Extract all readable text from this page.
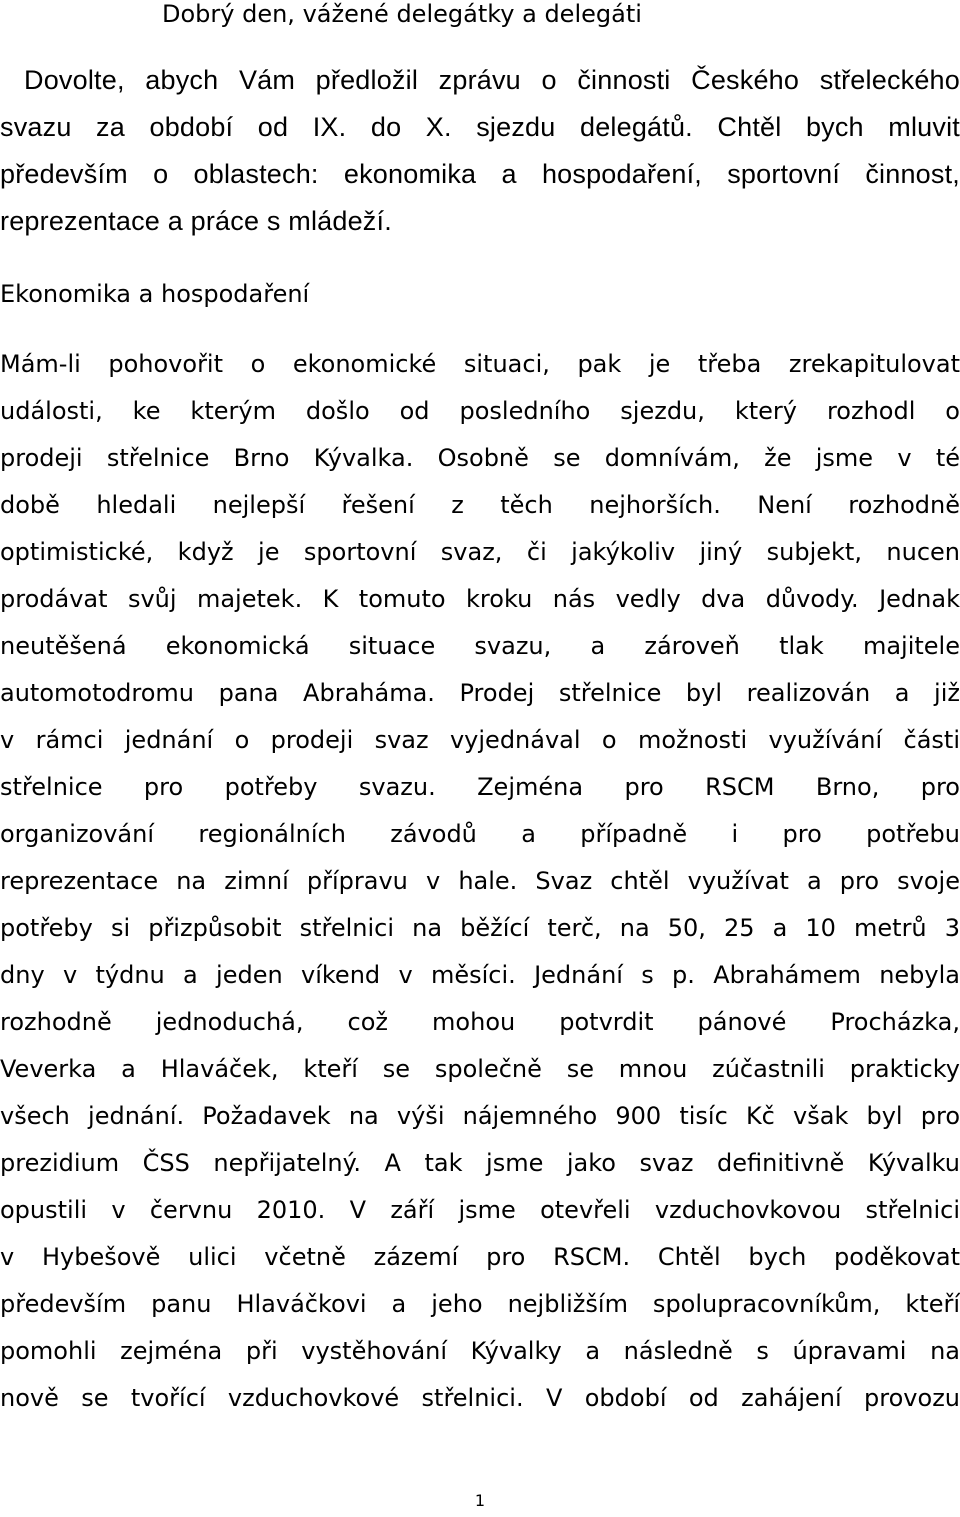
Dobrý den, vážené delegátky a delegáti
Dovolte, abych Vám předložil zprávu o činnosti Českého střeleckého
svazu za období od IX. do X. sjezdu delegátů. Chtěl bych mluvit
především o oblastech: ekonomika a hospodaření, sportovní činnost,
reprezentace a práce s mládeží.
Ekonomika a hospodaření
Mám-li pohovořit o ekonomické situaci, pak je třeba zrekapitulovat
události, ke kterým došlo od posledního sjezdu, který rozhodl o
prodeji střelnice Brno Kývalka. Osobně se domnívám, že jsme v té
době hledali nejlepší řešení z těch nejhorších. Není rozhodně
optimistické, když je sportovní svaz, či jakýkoliv jiný subjekt, nucen
prodávat svůj majetek. K tomuto kroku nás vedly dva důvody. Jednak
neutěšená ekonomická situace svazu, a zároveň tlak majitele
automotodromu pana Abraháma. Prodej střelnice byl realizován a již
v rámci jednání o prodeji svaz vyjednával o možnosti využívání části
střelnice pro potřeby svazu. Zejména pro RSCM Brno, pro
organizování regionálních závodů a případně i pro potřebu
reprezentace na zimní přípravu v hale. Svaz chtěl využívat a pro svoje
potřeby si přizpůsobit střelnici na běžící terč, na 50, 25 a 10 metrů 3
dny v týdnu a jeden víkend v měsíci. Jednání s p. Abrahámem nebyla
rozhodně jednoduchá, což mohou potvrdit pánové Procházka,
Veverka a Hlaváček, kteří se společně se mnou zúčastnili prakticky
všech jednání. Požadavek na výši nájemného 900 tisíc Kč však byl pro
prezidium ČSS nepřijatelný. A tak jsme jako svaz definitivně Kývalku
opustili v červnu 2010. V září jsme otevřeli vzduchovkovou střelnici
v Hybešově ulici včetně zázemí pro RSCM. Chtěl bych poděkovat
především panu Hlaváčkovi a jeho nejbližším spolupracovníkům, kteří
pomohli zejména při vystěhování Kývalky a následně s úpravami na
nově se tvořící vzduchovkové střelnici. V období od zahájení provozu
1
